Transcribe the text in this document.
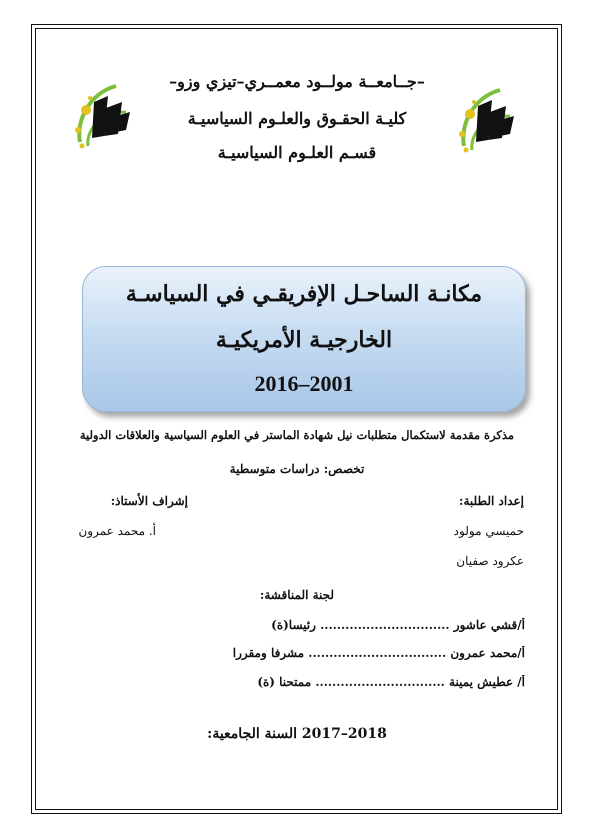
–جــامعــة مولــود معمــري–تيزي وزو–
كليـة الحقـوق والعلـوم السياسيـة
قسـم العلـوم السياسيـة
مكانـة الساحـل الإفريقـي في السياسـة
الخارجيـة الأمريكيـة
2016–2001
مذكرة مقدمة لاستكمال متطلبات نيل شهادة الماستر في العلوم السياسية والعلاقات الدولية
تخصص: دراسات متوسطية
إعداد الطلبة:
حميسي مولود
عكرود صفيان
إشراف الأستاذ:
أ. محمد عمرون
لجنة المناقشة:
أ/قشي عاشور ............................... رئيسا(ة)
أ/محمد عمرون ................................. مشرفا ومقررا
أ/ عطيش يمينة ............................... ممتحنا (ة)
السنة الجامعية: 2017–2018
